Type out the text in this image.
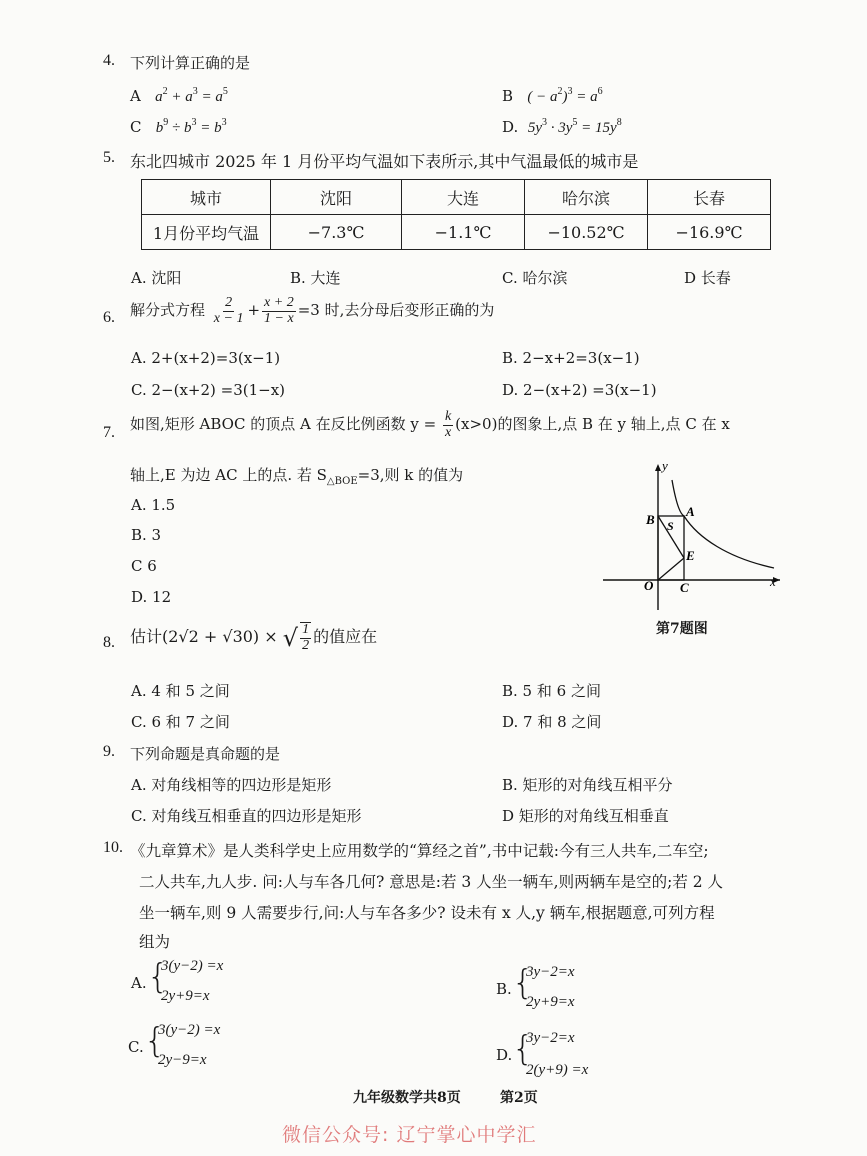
4. 下列计算正确的是
A $a^2 + a^3 = a^5$	B ( − $a^2)^3 = a^6$
C $b^9 \div b^3 = b^3$	D. $5y^3 \cdot 3y^5 = 15y^8$
5. 东北四城市 2025 年 1 月份平均气温如下表所示,其中气温最低的城市是
城市	沈阳	大连	哈尔滨	长春
1月份平均气温	−7.3℃	−1.1℃	−10.52℃	−16.9℃
A. 沈阳	B. 大连	C. 哈尔滨	D 长春
6. 解分式方程 $\frac{2}{x - 1} + \frac{x + 2}{1 - x} =3$ 时,去分母后变形正确的为
A. 2+(x+2)=3(x−1)	B. 2−x+2=3(x−1)
C. 2−(x+2) =3(1−x)	D. 2−(x+2) =3(x−1)
7. 如图,矩形 ABOC 的顶点 A 在反比例函数 $y = \frac{k}{x} (x>0)$的图象上,点 B 在 y 轴上,点 C 在 x
轴上,E 为边 AC 上的点. 若 $S_{\triangle BOE}=3$,则 k 的值为
A. 1.5
B. 3
C 6
D. 12
y
x
O
A
B
C
E
S
第7题图
8. 估计(2√2 + √30) × √ $\frac{1}{2}$ 的值应在
A. 4 和 5 之间	B. 5 和 6 之间
C. 6 和 7 之间	D. 7 和 8 之间
9. 下列命题是真命题的是
A. 对角线相等的四边形是矩形	B. 矩形的对角线互相平分
C. 对角线互相垂直的四边形是矩形	D 矩形的对角线互相垂直
10. 《九章算术》是人类科学史上应用数学的“算经之首”,书中记载:今有三人共车,二车空;
二人共车,九人步. 问:人与车各几何? 意思是:若 3 人坐一辆车,则两辆车是空的;若 2 人
坐一辆车,则 9 人需要步行,问:人与车各多少? 设未有 x 人,y 辆车,根据题意,可列方程
组为
A. {
3(y−2) =x
2y+9=x	B. {
3y−2=x
2y+9=x
C. {
3(y−2) =x
2y−9=x	D. {
3y−2=x
2(y+9) =x
九年级数学共8页	第2页
微信公众号: 辽宁掌心中学汇
